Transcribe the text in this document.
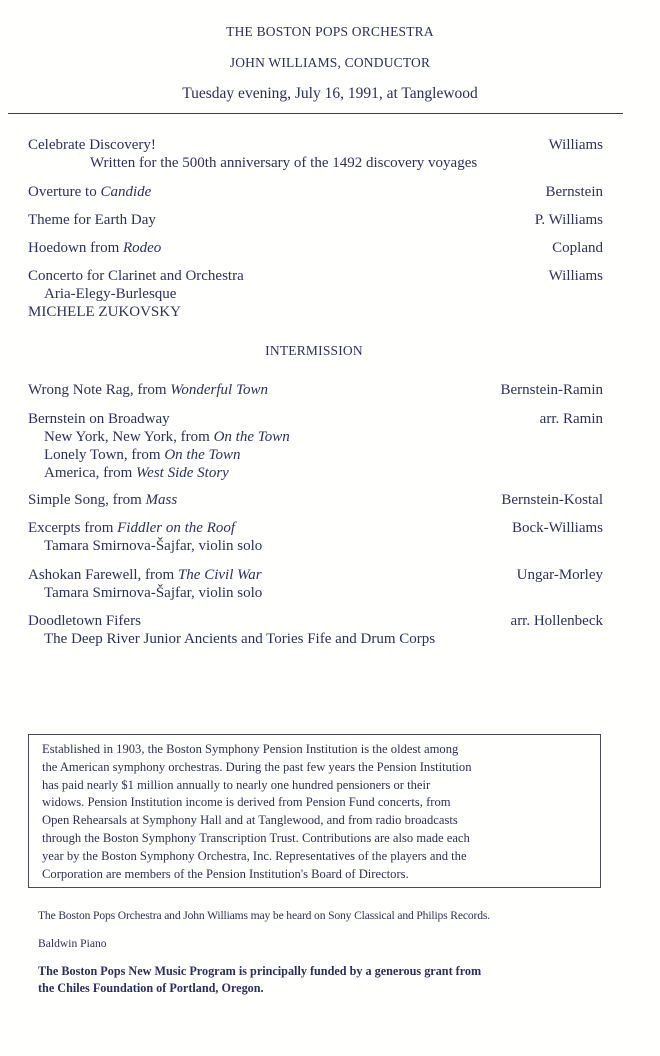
THE BOSTON POPS ORCHESTRA
JOHN WILLIAMS, CONDUCTOR
Tuesday evening, July 16, 1991, at Tanglewood
Celebrate Discovery!	Williams
Written for the 500th anniversary of the 1492 discovery voyages
Overture to Candide	Bernstein
Theme for Earth Day	P. Williams
Hoedown from Rodeo	Copland
Concerto for Clarinet and Orchestra	Williams
Aria-Elegy-Burlesque
MICHELE ZUKOVSKY
INTERMISSION
Wrong Note Rag, from Wonderful Town	Bernstein-Ramin
Bernstein on Broadway	arr. Ramin
New York, New York, from On the Town
Lonely Town, from On the Town
America, from West Side Story
Simple Song, from Mass	Bernstein-Kostal
Excerpts from Fiddler on the Roof	Bock-Williams
Tamara Smirnova-Šajfar, violin solo
Ashokan Farewell, from The Civil War	Ungar-Morley
Tamara Smirnova-Šajfar, violin solo
Doodletown Fifers	arr. Hollenbeck
The Deep River Junior Ancients and Tories Fife and Drum Corps
Established in 1903, the Boston Symphony Pension Institution is the oldest among
the American symphony orchestras. During the past few years the Pension Institution
has paid nearly $1 million annually to nearly one hundred pensioners or their
widows. Pension Institution income is derived from Pension Fund concerts, from
Open Rehearsals at Symphony Hall and at Tanglewood, and from radio broadcasts
through the Boston Symphony Transcription Trust. Contributions are also made each
year by the Boston Symphony Orchestra, Inc. Representatives of the players and the
Corporation are members of the Pension Institution's Board of Directors.
The Boston Pops Orchestra and John Williams may be heard on Sony Classical and Philips Records.
Baldwin Piano
The Boston Pops New Music Program is principally funded by a generous grant from
the Chiles Foundation of Portland, Oregon.
